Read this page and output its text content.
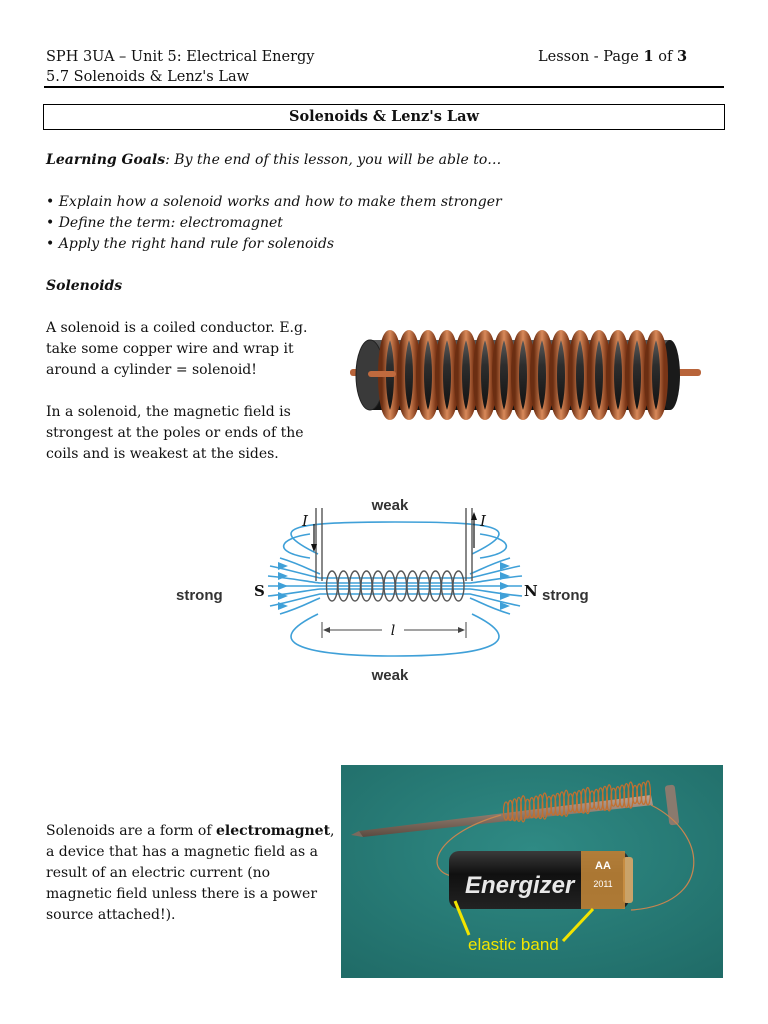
SPH 3UA – Unit 5: Electrical Energy	Lesson - Page 1 of 3
5.7 Solenoids & Lenz's Law
Solenoids & Lenz's Law
Learning Goals: By the end of this lesson, you will be able to…
• Explain how a solenoid works and how to make them stronger
• Define the term: electromagnet
• Apply the right hand rule for solenoids
Solenoids
A solenoid is a coiled conductor. E.g.
take some copper wire and wrap it
around a cylinder = solenoid!
In a solenoid, the magnetic field is
strongest at the poles or ends of the
coils and is weakest at the sides.
weak
weak
strong	strong
S	N
I	I
l
Solenoids are a form of electromagnet,
a device that has a magnetic field as a
result of an electric current (no
magnetic field unless there is a power
source attached!).
Energizer
AA
2011
elastic band
